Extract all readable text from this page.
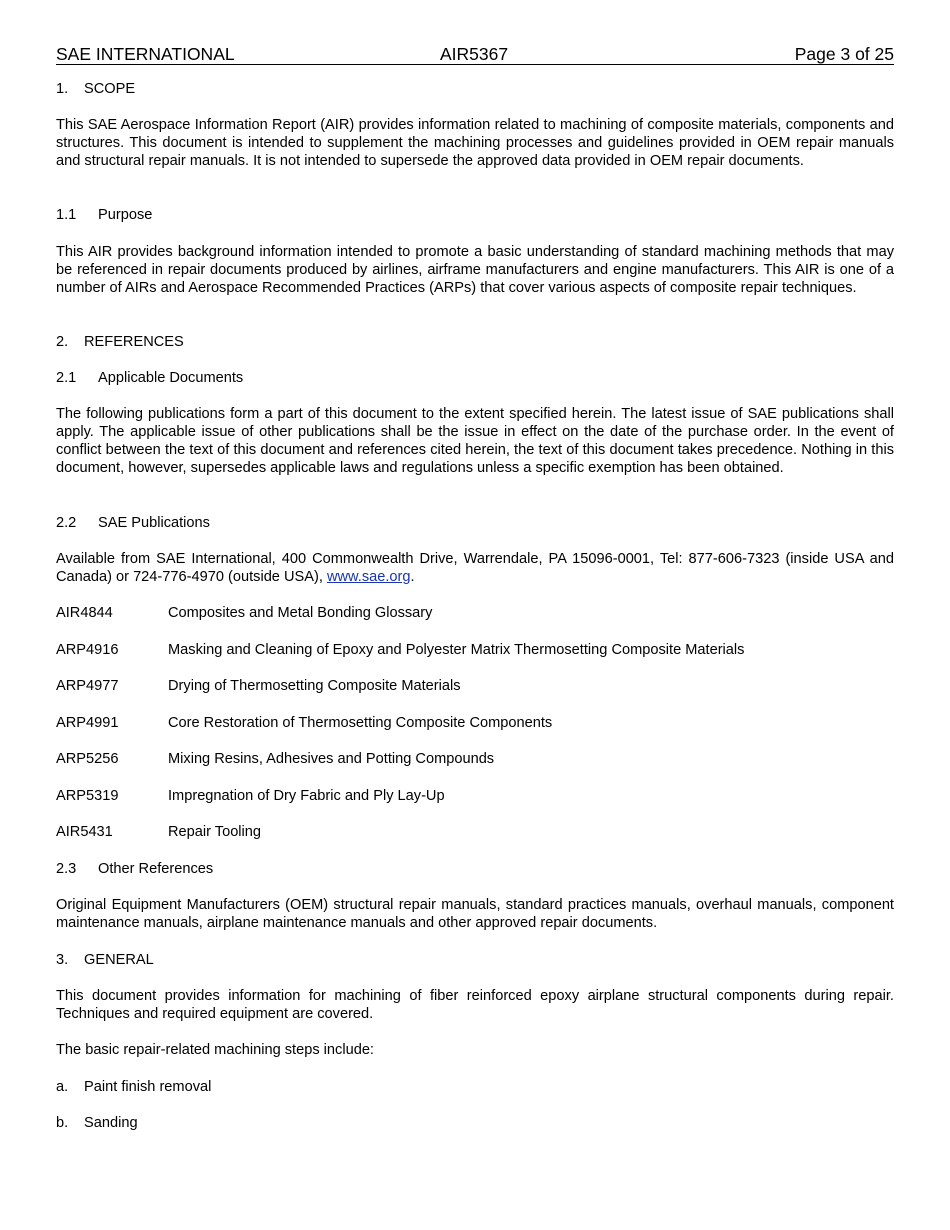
SAE INTERNATIONAL	AIR5367	Page 3 of 25

1. SCOPE

This SAE Aerospace Information Report (AIR) provides information related to machining of composite materials, components and structures. This document is intended to supplement the machining processes and guidelines provided in OEM repair manuals and structural repair manuals. It is not intended to supersede the approved data provided in OEM repair documents.

1.1 Purpose

This AIR provides background information intended to promote a basic understanding of standard machining methods that may be referenced in repair documents produced by airlines, airframe manufacturers and engine manufacturers. This AIR is one of a number of AIRs and Aerospace Recommended Practices (ARPs) that cover various aspects of composite repair techniques.

2. REFERENCES

2.1 Applicable Documents

The following publications form a part of this document to the extent specified herein. The latest issue of SAE publications shall apply. The applicable issue of other publications shall be the issue in effect on the date of the purchase order. In the event of conflict between the text of this document and references cited herein, the text of this document takes precedence. Nothing in this document, however, supersedes applicable laws and regulations unless a specific exemption has been obtained.

2.2 SAE Publications

Available from SAE International, 400 Commonwealth Drive, Warrendale, PA 15096-0001, Tel: 877-606-7323 (inside USA and Canada) or 724-776-4970 (outside USA), www.sae.org.

AIR4844	Composites and Metal Bonding Glossary

ARP4916	Masking and Cleaning of Epoxy and Polyester Matrix Thermosetting Composite Materials

ARP4977	Drying of Thermosetting Composite Materials

ARP4991	Core Restoration of Thermosetting Composite Components

ARP5256	Mixing Resins, Adhesives and Potting Compounds

ARP5319	Impregnation of Dry Fabric and Ply Lay-Up

AIR5431	Repair Tooling

2.3 Other References

Original Equipment Manufacturers (OEM) structural repair manuals, standard practices manuals, overhaul manuals, component maintenance manuals, airplane maintenance manuals and other approved repair documents.

3. GENERAL

This document provides information for machining of fiber reinforced epoxy airplane structural components during repair. Techniques and required equipment are covered.

The basic repair-related machining steps include:

a. Paint finish removal

b. Sanding
